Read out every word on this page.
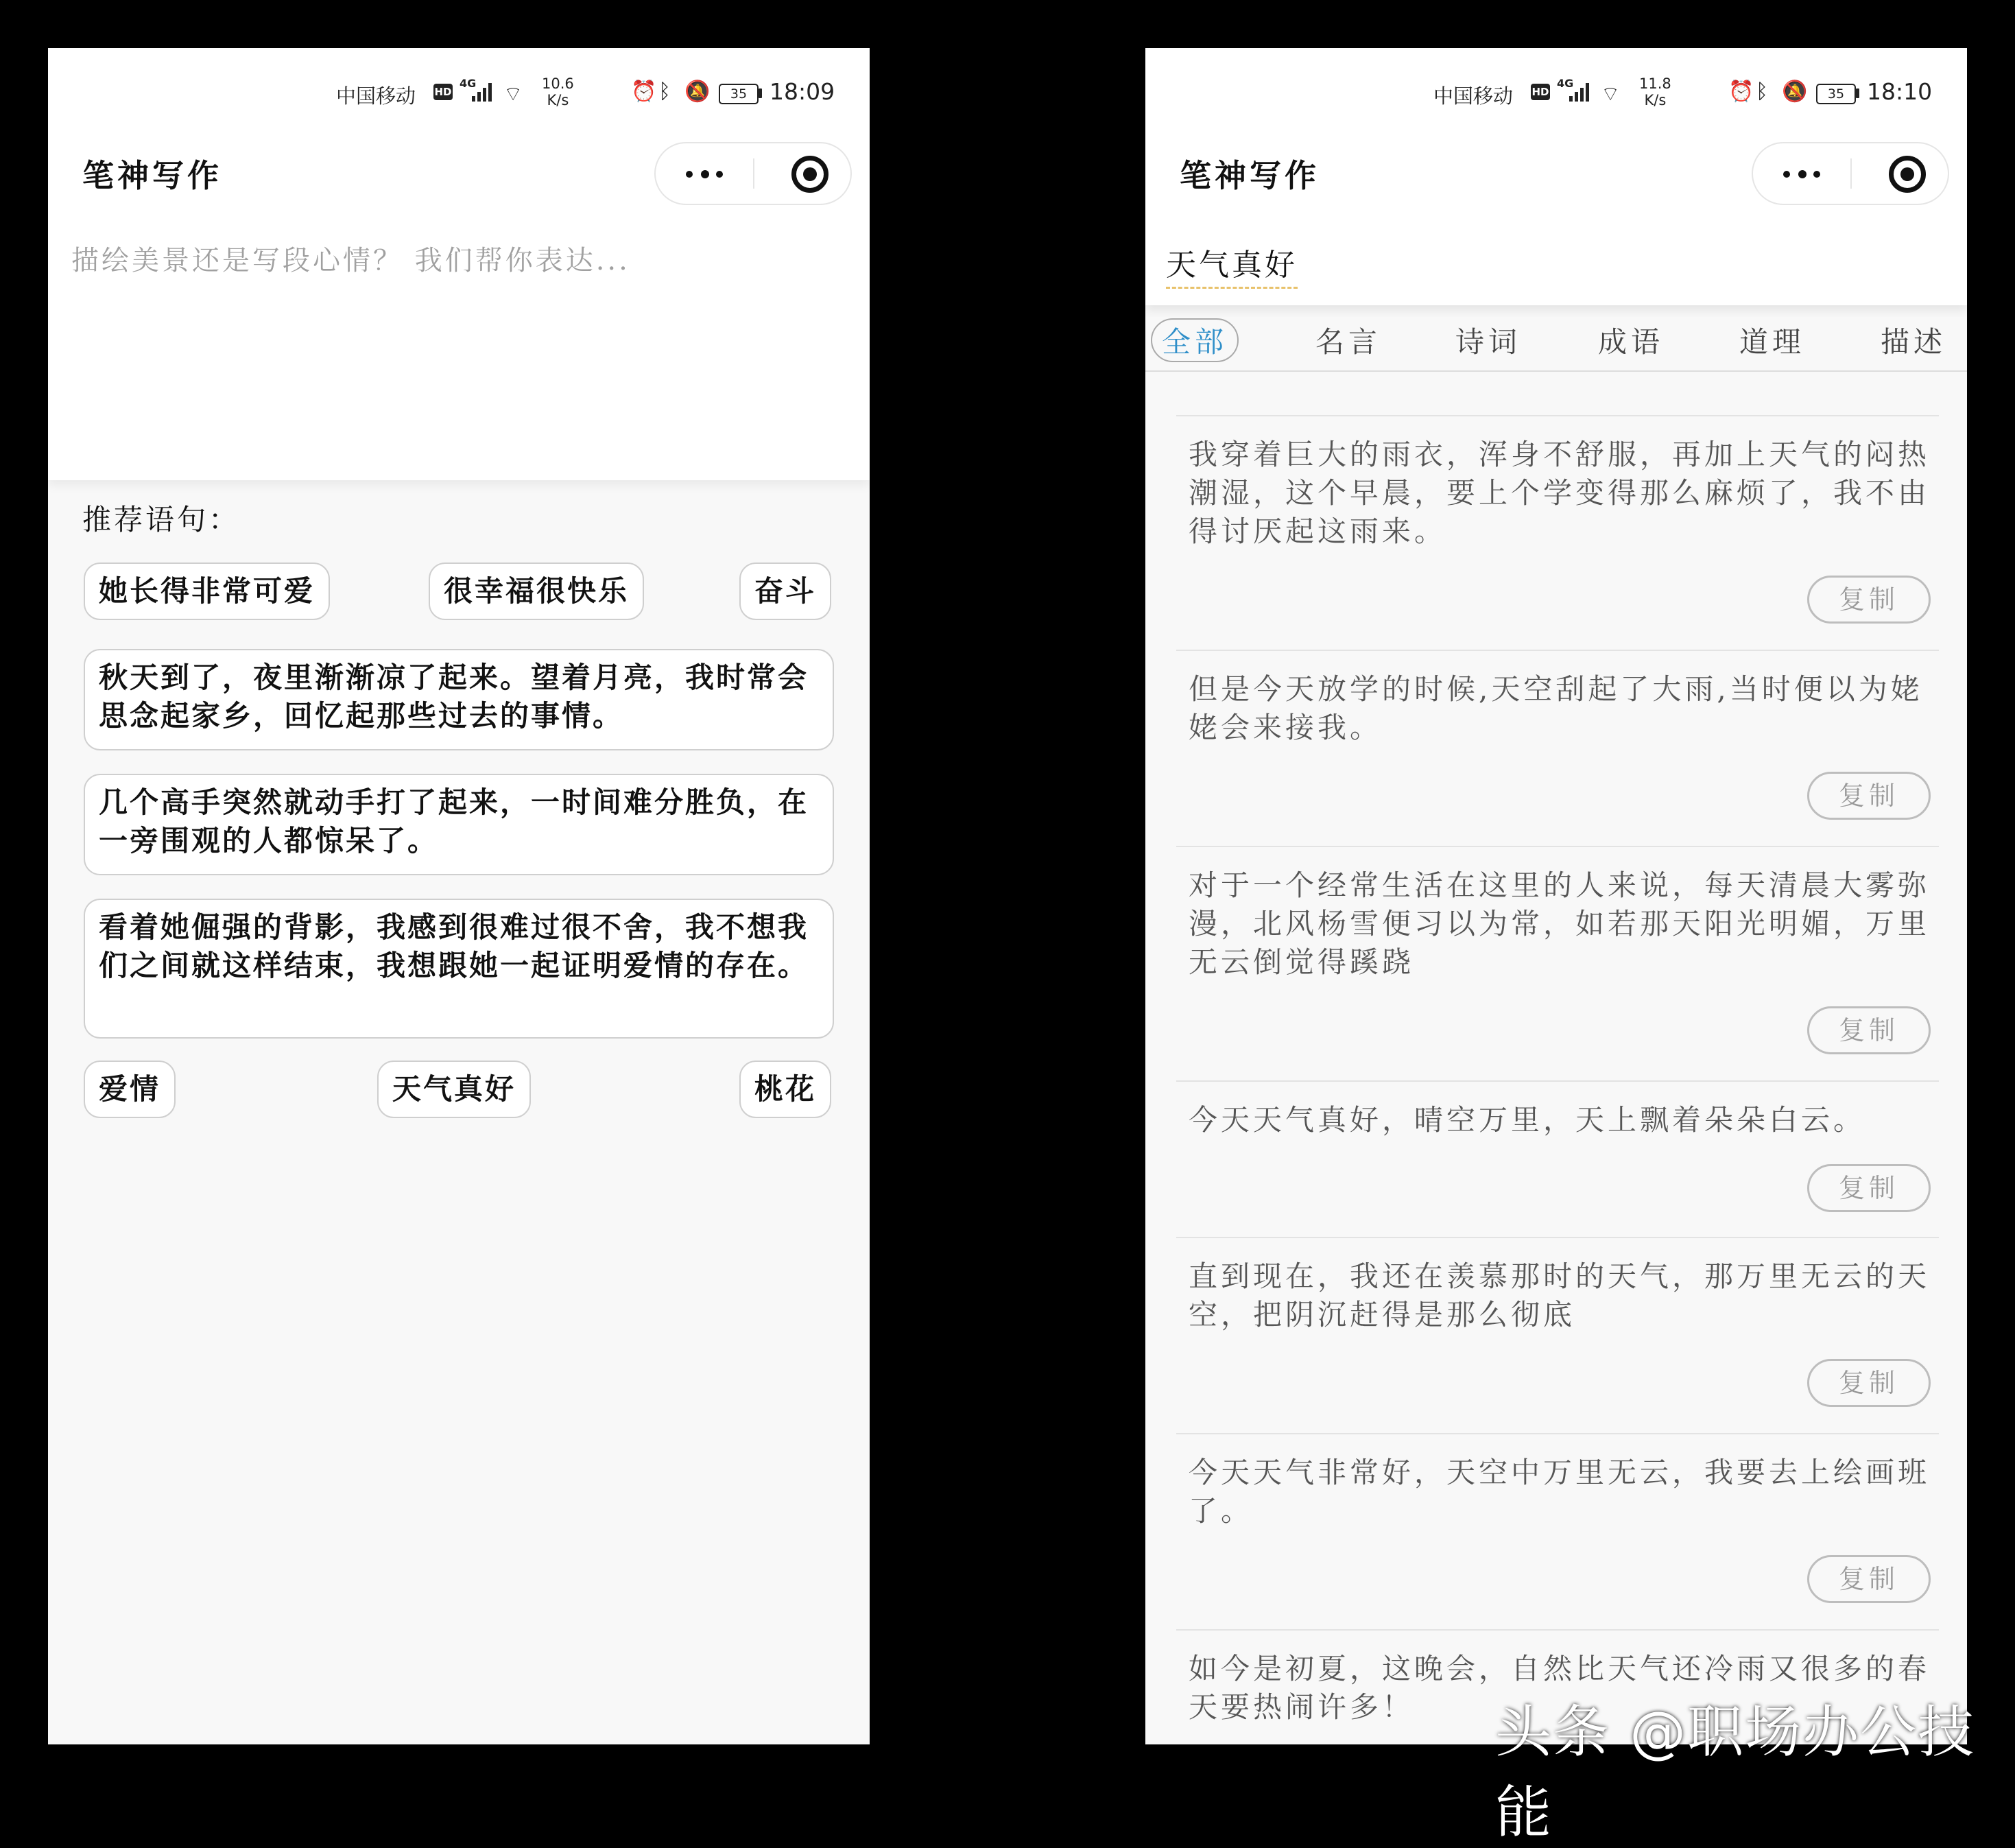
中国移动 HD
4G ⌔ 10.6
K/s	⏰ ᛒ 🔕	35 18:09
笔神写作
描绘美景还是写段心情？ 我们帮你表达...
推荐语句：
她长得非常可爱	很幸福很快乐	奋斗
秋天到了，夜里渐渐凉了起来。望着月亮，我时常会思念起家乡，回忆起那些过去的事情。
几个高手突然就动手打了起来，一时间难分胜负，在一旁围观的人都惊呆了。
看着她倔强的背影，我感到很难过很不舍，我不想我们之间就这样结束，我想跟她一起证明爱情的存在。
爱情	天气真好	桃花
中国移动 HD
4G ⌔ 11.8
K/s	⏰ ᛒ 🔕	35 18:10
笔神写作
天气真好
全部	名言	诗词	成语	道理	描述
我穿着巨大的雨衣，浑身不舒服，再加上天气的闷热潮湿，这个早晨，要上个学变得那么麻烦了，我不由得讨厌起这雨来。
复制
但是今天放学的时候,天空刮起了大雨,当时便以为姥姥会来接我。
复制
对于一个经常生活在这里的人来说，每天清晨大雾弥漫，北风杨雪便习以为常，如若那天阳光明媚，万里无云倒觉得蹊跷
复制
今天天气真好，晴空万里，天上飘着朵朵白云。
复制
直到现在，我还在羡慕那时的天气，那万里无云的天空，把阴沉赶得是那么彻底
复制
今天天气非常好，天空中万里无云，我要去上绘画班了。
复制
如今是初夏，这晚会，自然比天气还冷雨又很多的春天要热闹许多！	头条 @职场办公技能
